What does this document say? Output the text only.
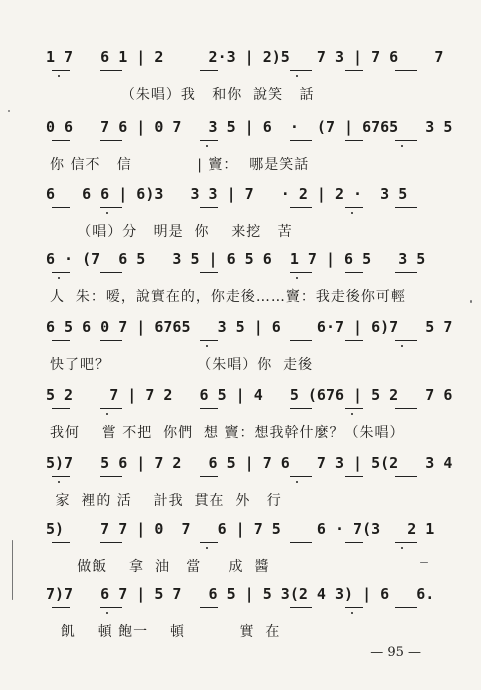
1 7   6 1 | 2     2·3 | 2)5   7 3 | 7 6    7
（朱唱）我   和你  說笑   話
0 6   7 6 | 0 7   3 5 | 6  ·  (7 | 6765   3 5
你 信不   信            | 竇：  哪是笑話
6   6 6 | 6)3   3 3 | 7   · 2 | 2 ·  3 5
（唱）分   明是  你    来挖   苦
6 · (7  6 5   3 5 | 6 5 6  1 7 | 6 5   3 5
人  朱：嗳，說實在的，你走後……竇：我走後你可輕
6 5 6 0 7 | 6765   3 5 | 6    6·7 | 6)7   5 7
快了吧？                （朱唱）你  走後
5 2    7 | 7 2   6 5 | 4   5 (676 | 5 2   7 6
我何    嘗 不把  你們  想 竇：想我幹什麼？（朱唱）
5)7   5 6 | 7 2   6 5 | 7 6   7 3 | 5(2   3 4
家  裡的 活    計我  貫在  外   行
5)    7 7 | 0  7   6 | 7 5    6 · 7(3   2 1
做飯    拿  油   當     成  醬
7)7   6 7 | 5 7   6 5 | 5 3(2 4 3) | 6   6.
飢    頓 飽一    頓          實  在
— 95 —
